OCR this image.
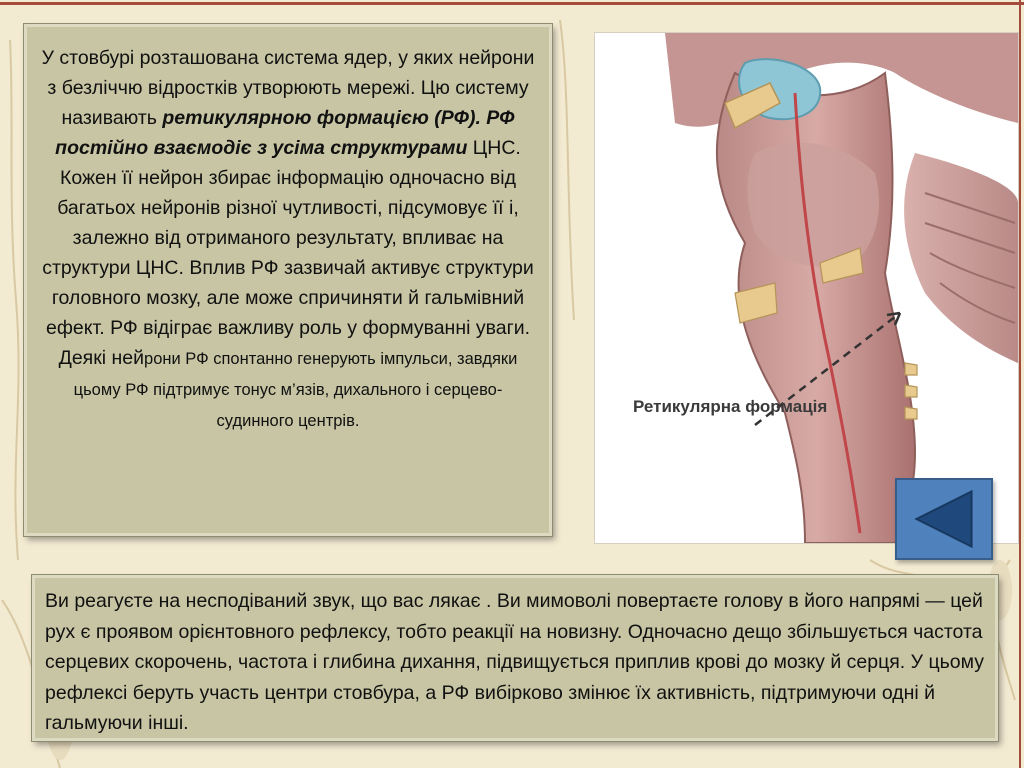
У стовбурі розташована система ядер, у яких нейрони з безліччю відростків утворюють мережі. Цю систему називають ретикулярною формацією (РФ). РФ постійно взаємодіє з усіма структурами ЦНС. Кожен її нейрон збирає інформацію одночасно від багатьох нейронів різної чутливості, підсумовує її і, залежно від отриманого результату, впливає на структури ЦНС. Вплив РФ зазвичай активує структури головного мозку, але може спричиняти й гальмівний ефект. РФ відіграє важливу роль у формуванні уваги. Деякі нейрони РФ спонтанно генерують імпульси, завдяки цьому РФ підтримує тонус м’язів, дихального і серцево-судинного центрів.

Ретикулярна формація

Ви реагуєте на несподіваний звук, що вас лякає . Ви мимоволі повертаєте голову в його напрямі — цей рух є проявом орієнтовного рефлексу, тобто реакції на новизну. Одночасно дещо збільшується частота серцевих скорочень, частота і глибина дихання, підвищується приплив крові до мозку й серця. У цьому рефлексі беруть участь центри стовбура, а РФ вибірково змінює їх активність, підтримуючи одні й гальмуючи інші.
